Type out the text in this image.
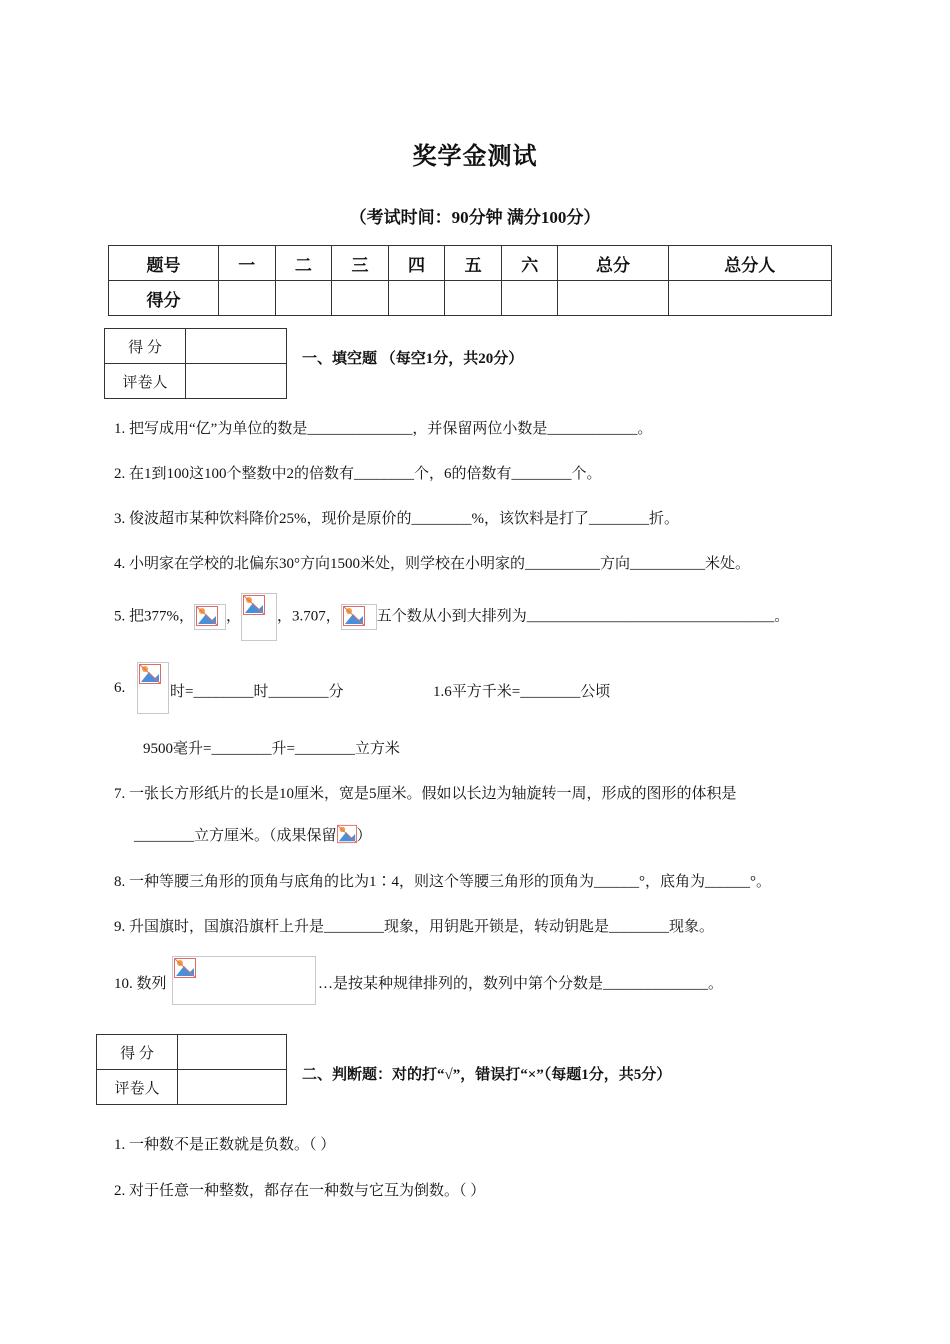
奖学金测试
（考试时间：90分钟 满分100分）
题号	一	二	三	四	五	六	总分	总分人
得分								
得 分	
评卷人	
一、填空题 （每空1分，共20分）
1. 把写成用“亿”为单位的数是______________，并保留两位小数是____________。
2. 在1到100这100个整数中2的倍数有________个，6的倍数有________个。
3. 俊波超市某种饮料降价25%，现价是原价的________%，该饮料是打了________折。
4. 小明家在学校的北偏东30°方向1500米处，则学校在小明家的__________方向__________米处。
5. 把377%， ， ，3.707， 五个数从小到大排列为_________________________________。
6.	时=________时________分	1.6平方千米=________公顷
9500毫升=________升=________立方米
7. 一张长方形纸片的长是10厘米，宽是5厘米。假如以长边为轴旋转一周，形成的图形的体积是
________立方厘米。（成果保留 ）
8. 一种等腰三角形的顶角与底角的比为1∶4，则这个等腰三角形的顶角为______°，底角为______°。
9. 升国旗时，国旗沿旗杆上升是________现象，用钥匙开锁是，转动钥匙是________现象。
10. 数列	…是按某种规律排列的，数列中第个分数是______________。
得 分	
评卷人	
二、判断题：对的打“√”，错误打“×”（每题1分，共5分）
1. 一种数不是正数就是负数。（ ）
2. 对于任意一种整数，都存在一种数与它互为倒数。（ ）
